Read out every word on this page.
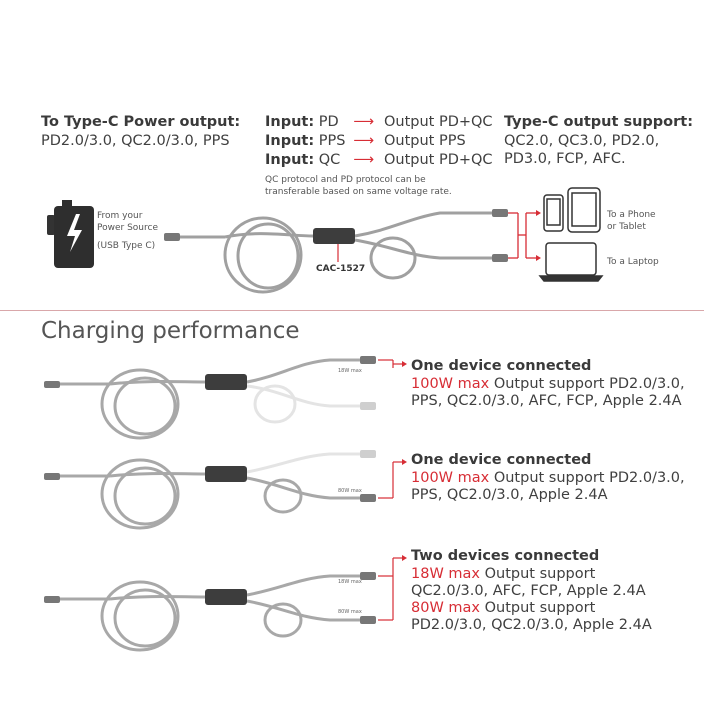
To Type-C Power output:
PD2.0/3.0, QC2.0/3.0, PPS
Input: PD ⟶ Output PD+QC
Input: PPS ⟶ Output PPS
Input: QC ⟶ Output PD+QC
QC protocol and PD protocol can be
transferable based on same voltage rate.
Type-C output support:
QC2.0, QC3.0, PD2.0,
PD3.0, FCP, AFC.
From your
Power Source
(USB Type C)
CAC-1527
To a Phone
or Tablet
To a Laptop
18W max
80W max
18W max
80W max
Charging performance
One device connected
100W max Output support PD2.0/3.0,
PPS, QC2.0/3.0, AFC, FCP, Apple 2.4A
One device connected
100W max Output support PD2.0/3.0,
PPS, QC2.0/3.0, Apple 2.4A
Two devices connected
18W max Output support
QC2.0/3.0, AFC, FCP, Apple 2.4A
80W max Output support
PD2.0/3.0, QC2.0/3.0, Apple 2.4A
